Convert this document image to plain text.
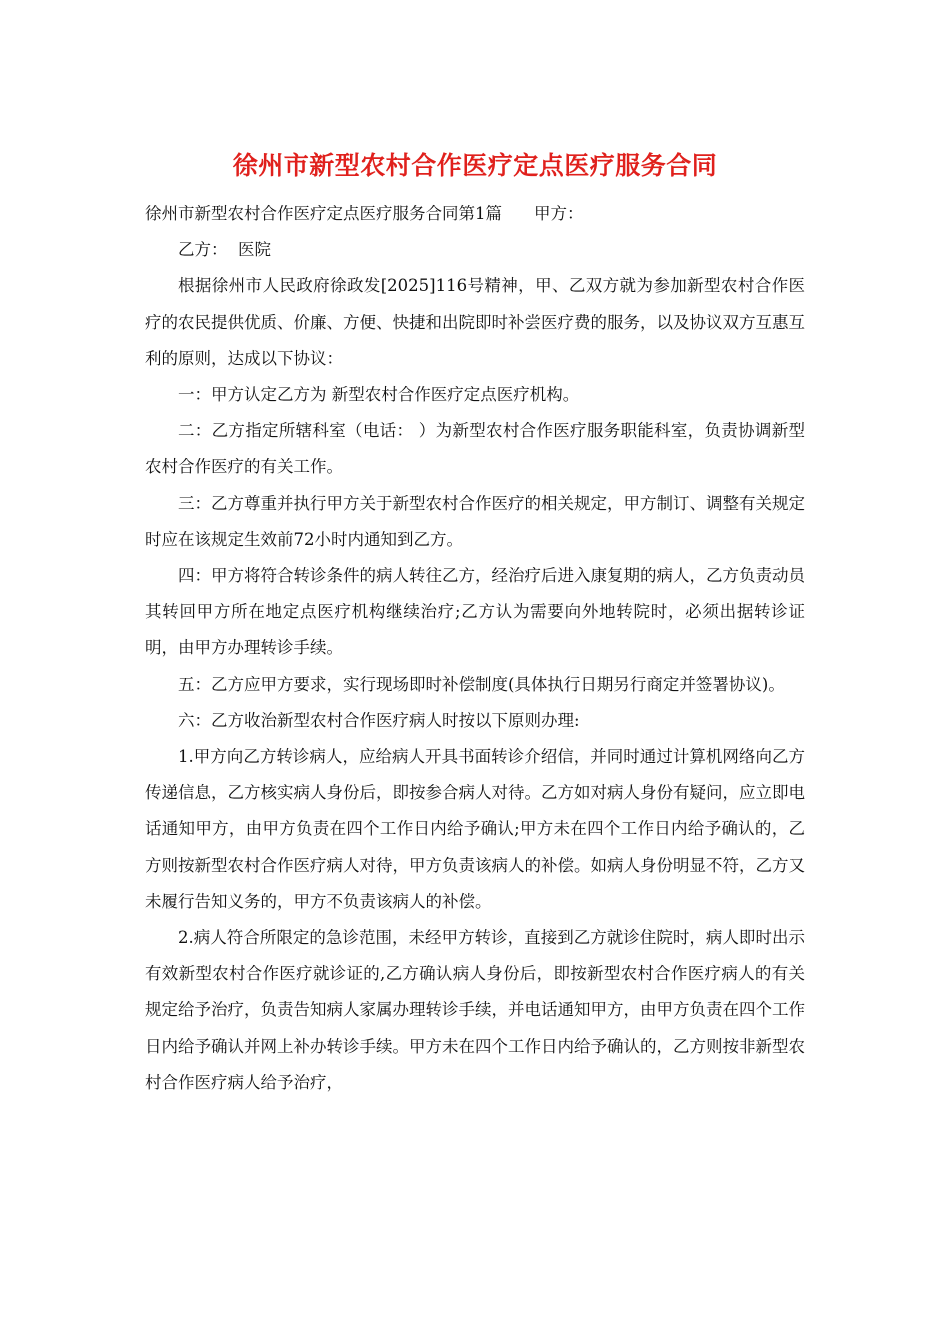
徐州市新型农村合作医疗定点医疗服务合同

徐州市新型农村合作医疗定点医疗服务合同第1篇 甲方：

乙方：  医院

根据徐州市人民政府徐政发[2025]116号精神，甲、乙双方就为参加新型农村合作医疗的农民提供优质、价廉、方便、快捷和出院即时补尝医疗费的服务，以及协议双方互惠互利的原则，达成以下协议：

一：甲方认定乙方为 新型农村合作医疗定点医疗机构。

二：乙方指定所辖科室（电话： ）为新型农村合作医疗服务职能科室，负责协调新型农村合作医疗的有关工作。

三：乙方尊重并执行甲方关于新型农村合作医疗的相关规定，甲方制订、调整有关规定时应在该规定生效前72小时内通知到乙方。

四：甲方将符合转诊条件的病人转往乙方，经治疗后进入康复期的病人，乙方负责动员其转回甲方所在地定点医疗机构继续治疗;乙方认为需要向外地转院时，必须出据转诊证明，由甲方办理转诊手续。

五：乙方应甲方要求，实行现场即时补偿制度(具体执行日期另行商定并签署协议)。

六：乙方收治新型农村合作医疗病人时按以下原则办理:

1.甲方向乙方转诊病人，应给病人开具书面转诊介绍信，并同时通过计算机网络向乙方传递信息，乙方核实病人身份后，即按参合病人对待。乙方如对病人身份有疑问，应立即电话通知甲方，由甲方负责在四个工作日内给予确认;甲方未在四个工作日内给予确认的，乙方则按新型农村合作医疗病人对待，甲方负责该病人的补偿。如病人身份明显不符，乙方又未履行告知义务的，甲方不负责该病人的补偿。

2.病人符合所限定的急诊范围，未经甲方转诊，直接到乙方就诊住院时，病人即时出示有效新型农村合作医疗就诊证的,乙方确认病人身份后，即按新型农村合作医疗病人的有关规定给予治疗，负责告知病人家属办理转诊手续，并电话通知甲方，由甲方负责在四个工作日内给予确认并网上补办转诊手续。甲方未在四个工作日内给予确认的，乙方则按非新型农村合作医疗病人给予治疗，
